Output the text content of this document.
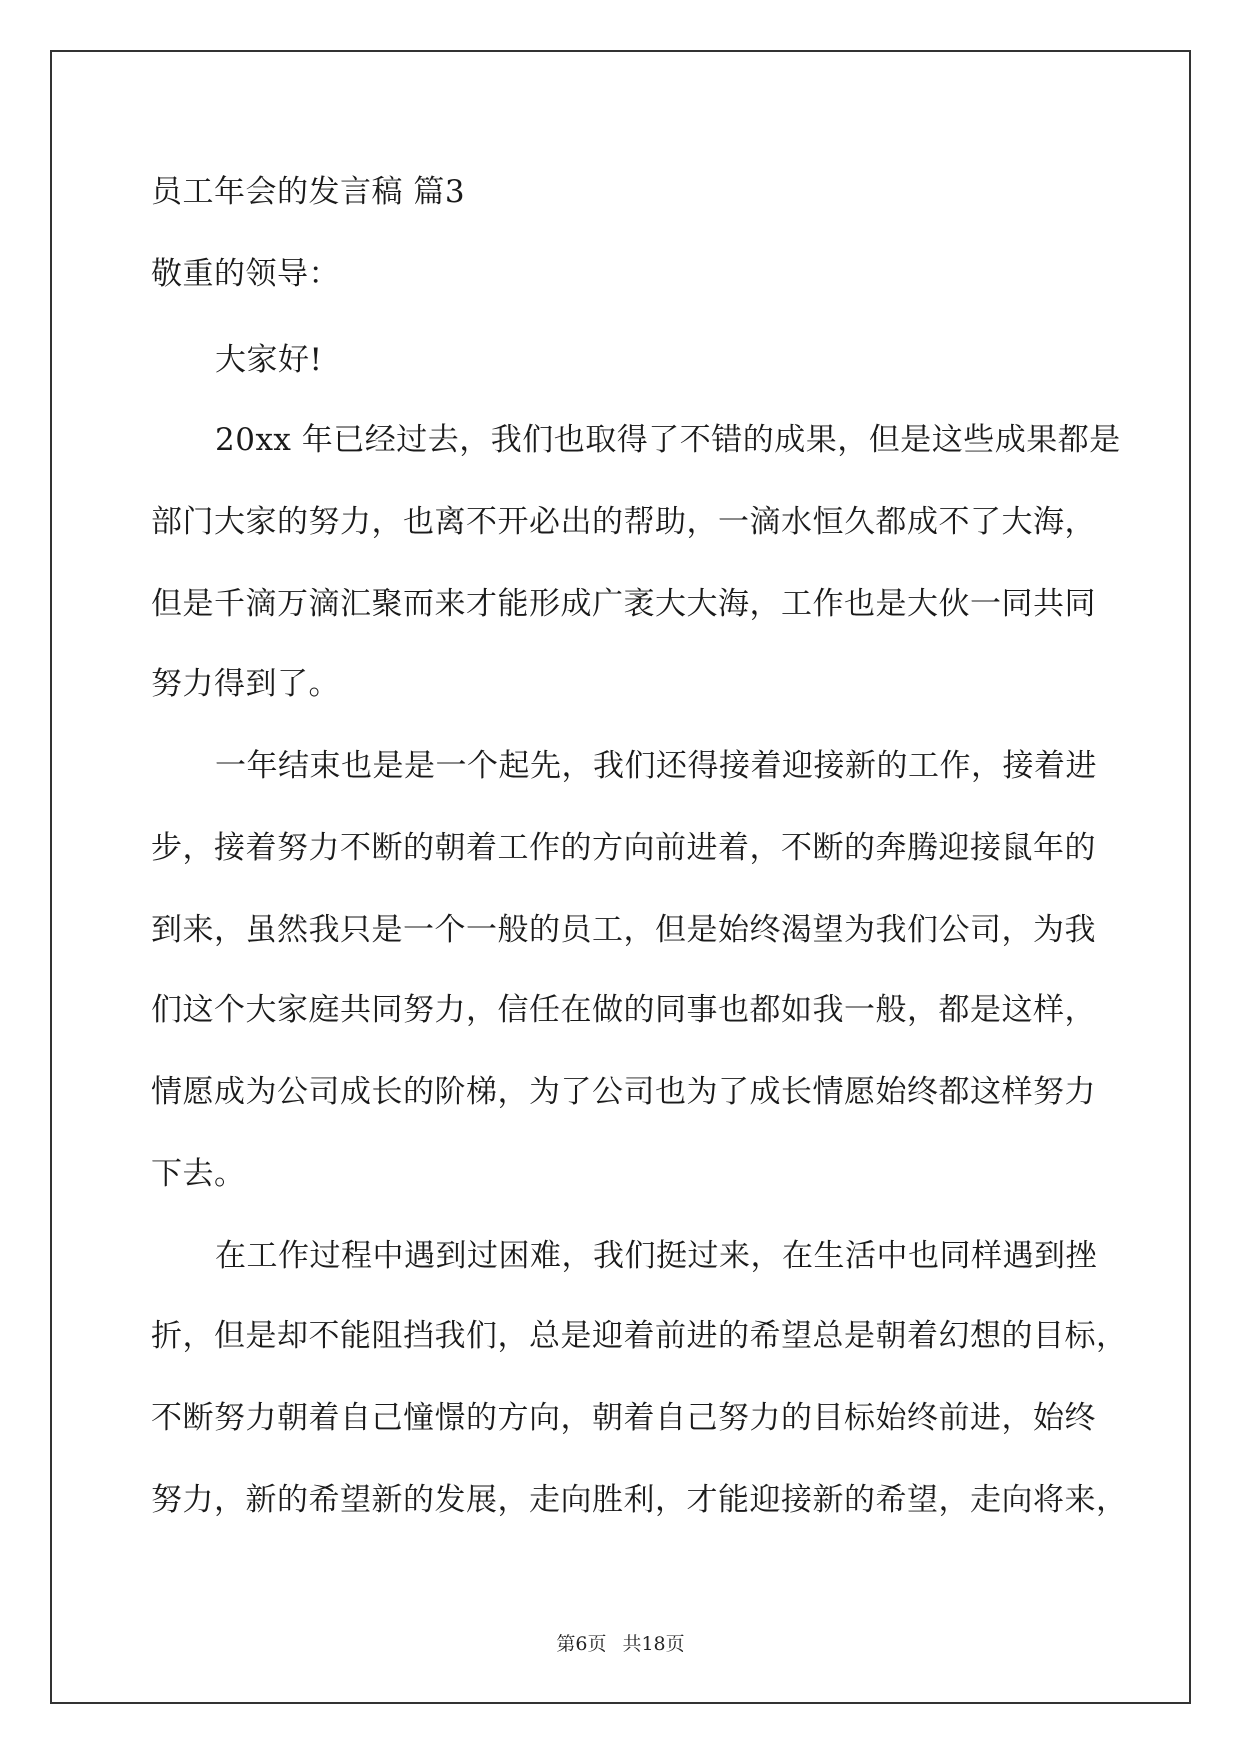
员工年会的发言稿 篇3
敬重的领导：
大家好!
20xx 年已经过去，我们也取得了不错的成果，但是这些成果都是
部门大家的努力，也离不开必出的帮助，一滴水恒久都成不了大海，
但是千滴万滴汇聚而来才能形成广袤大大海，工作也是大伙一同共同
努力得到了。
一年结束也是是一个起先，我们还得接着迎接新的工作，接着进
步，接着努力不断的朝着工作的方向前进着，不断的奔腾迎接鼠年的
到来，虽然我只是一个一般的员工，但是始终渴望为我们公司，为我
们这个大家庭共同努力，信任在做的同事也都如我一般，都是这样，
情愿成为公司成长的阶梯，为了公司也为了成长情愿始终都这样努力
下去。
在工作过程中遇到过困难，我们挺过来，在生活中也同样遇到挫
折，但是却不能阻挡我们，总是迎着前进的希望总是朝着幻想的目标，
不断努力朝着自己憧憬的方向，朝着自己努力的目标始终前进，始终
努力，新的希望新的发展，走向胜利，才能迎接新的希望，走向将来，
第6页 共18页
